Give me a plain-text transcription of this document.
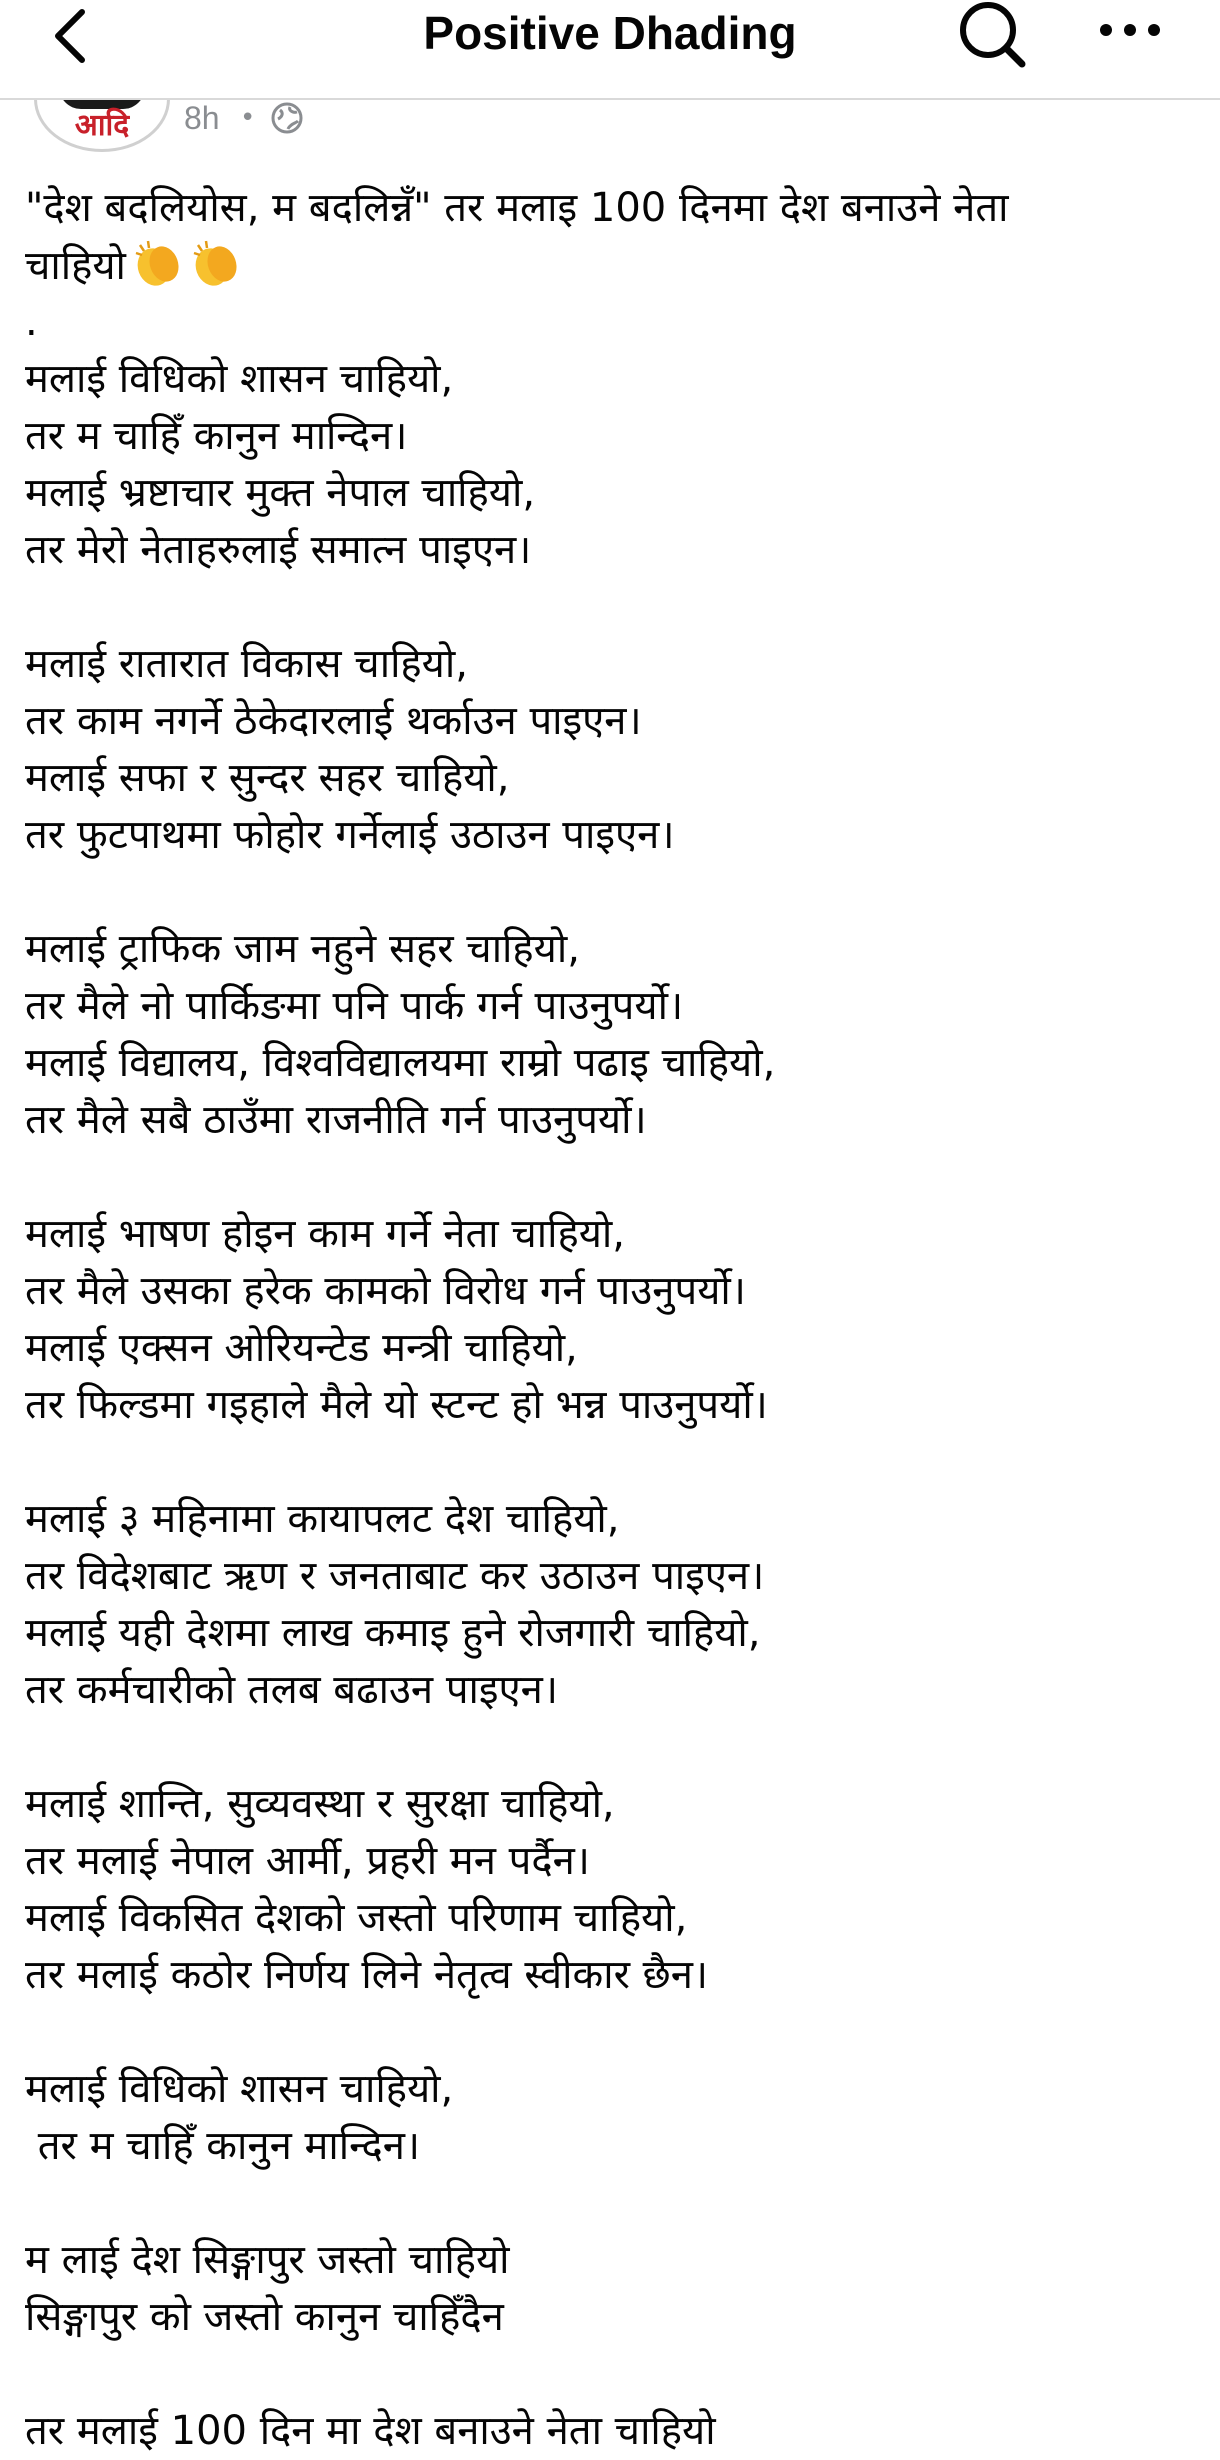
Positive Dhading
आदि	8h •
"देश बदलियोस, म बदलिन्नँ" तर मलाइ 100 दिनमा देश बनाउने नेता
चाहियो
.
मलाई विधिको शासन चाहियो,
तर म चाहिँ कानुन मान्दिन।
मलाई भ्रष्टाचार मुक्त नेपाल चाहियो,
तर मेरो नेताहरुलाई समात्न पाइएन।
मलाई रातारात विकास चाहियो,
तर काम नगर्ने ठेकेदारलाई थर्काउन पाइएन।
मलाई सफा र सुन्दर सहर चाहियो,
तर फुटपाथमा फोहोर गर्नेलाई उठाउन पाइएन।
मलाई ट्राफिक जाम नहुने सहर चाहियो,
तर मैले नो पार्किङमा पनि पार्क गर्न पाउनुपर्यो।
मलाई विद्यालय, विश्वविद्यालयमा राम्रो पढाइ चाहियो,
तर मैले सबै ठाउँमा राजनीति गर्न पाउनुपर्यो।
मलाई भाषण होइन काम गर्ने नेता चाहियो,
तर मैले उसका हरेक कामको विरोध गर्न पाउनुपर्यो।
मलाई एक्सन ओरियन्टेड मन्त्री चाहियो,
तर फिल्डमा गइहाले मैले यो स्टन्ट हो भन्न पाउनुपर्यो।
मलाई ३ महिनामा कायापलट देश चाहियो,
तर विदेशबाट ऋण र जनताबाट कर उठाउन पाइएन।
मलाई यही देशमा लाख कमाइ हुने रोजगारी चाहियो,
तर कर्मचारीको तलब बढाउन पाइएन।
मलाई शान्ति, सुव्यवस्था र सुरक्षा चाहियो,
तर मलाई नेपाल आर्मी, प्रहरी मन पर्दैन।
मलाई विकसित देशको जस्तो परिणाम चाहियो,
तर मलाई कठोर निर्णय लिने नेतृत्व स्वीकार छैन।
मलाई विधिको शासन चाहियो,
तर म चाहिँ कानुन मान्दिन।
म लाई देश सिङ्गापुर जस्तो चाहियो
सिङ्गापुर को जस्तो कानुन चाहिँदैन
तर मलाई 100 दिन मा देश बनाउने नेता चाहियो
